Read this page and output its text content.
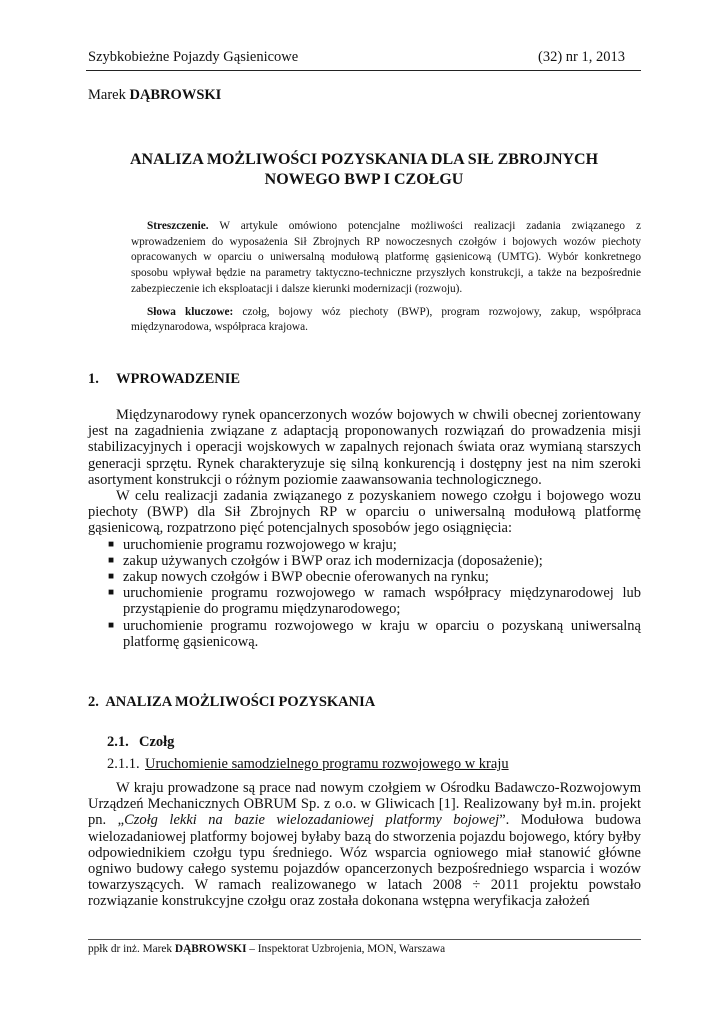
Szybkobieżne Pojazdy Gąsienicowe	(32) nr 1, 2013
Marek DĄBROWSKI
ANALIZA MOŻLIWOŚCI POZYSKANIA DLA SIŁ ZBROJNYCH
NOWEGO BWP I CZOŁGU

Streszczenie. W artykule omówiono potencjalne możliwości realizacji zadania związanego z wprowadzeniem do wyposażenia Sił Zbrojnych RP nowoczesnych czołgów i bojowych wozów piechoty opracowanych w oparciu o uniwersalną modułową platformę gąsienicową (UMTG). Wybór konkretnego sposobu wpływał będzie na parametry taktyczno-techniczne przyszłych konstrukcji, a także na bezpośrednie zabezpieczenie ich eksploatacji i dalsze kierunki modernizacji (rozwoju).

Słowa kluczowe: czołg, bojowy wóz piechoty (BWP), program rozwojowy, zakup, współpraca międzynarodowa, współpraca krajowa.

1. WPROWADZENIE

Międzynarodowy rynek opancerzonych wozów bojowych w chwili obecnej zorientowany jest na zagadnienia związane z adaptacją proponowanych rozwiązań do prowadzenia misji stabilizacyjnych i operacji wojskowych w zapalnych rejonach świata oraz wymianą starszych generacji sprzętu. Rynek charakteryzuje się silną konkurencją i dostępny jest na nim szeroki asortyment konstrukcji o różnym poziomie zaawansowania technologicznego.

W celu realizacji zadania związanego z pozyskaniem nowego czołgu i bojowego wozu piechoty (BWP) dla Sił Zbrojnych RP w oparciu o uniwersalną modułową platformę gąsienicową, rozpatrzono pięć potencjalnych sposobów jego osiągnięcia:

■ uruchomienie programu rozwojowego w kraju;
■ zakup używanych czołgów i BWP oraz ich modernizacja (doposażenie);
■ zakup nowych czołgów i BWP obecnie oferowanych na rynku;
■ uruchomienie programu rozwojowego w ramach współpracy międzynarodowej lub przystąpienie do programu międzynarodowego;
■ uruchomienie programu rozwojowego w kraju w oparciu o pozyskaną uniwersalną platformę gąsienicową.
2. ANALIZA MOŻLIWOŚCI POZYSKANIA
2.1. Czołg
2.1.1. Uruchomienie samodzielnego programu rozwojowego w kraju

W kraju prowadzone są prace nad nowym czołgiem w Ośrodku Badawczo-Rozwojowym Urządzeń Mechanicznych OBRUM Sp. z o.o. w Gliwicach [1]. Realizowany był m.in. projekt pn. „Czołg lekki na bazie wielozadaniowej platformy bojowej”. Modułowa budowa wielozadaniowej platformy bojowej byłaby bazą do stworzenia pojazdu bojowego, który byłby odpowiednikiem czołgu typu średniego. Wóz wsparcia ogniowego miał stanowić główne ogniwo budowy całego systemu pojazdów opancerzonych bezpośredniego wsparcia i wozów towarzyszących. W ramach realizowanego w latach 2008 ÷ 2011 projektu powstało rozwiązanie konstrukcyjne czołgu oraz została dokonana wstępna weryfikacja założeń

ppłk dr inż. Marek DĄBROWSKI – Inspektorat Uzbrojenia, MON, Warszawa
